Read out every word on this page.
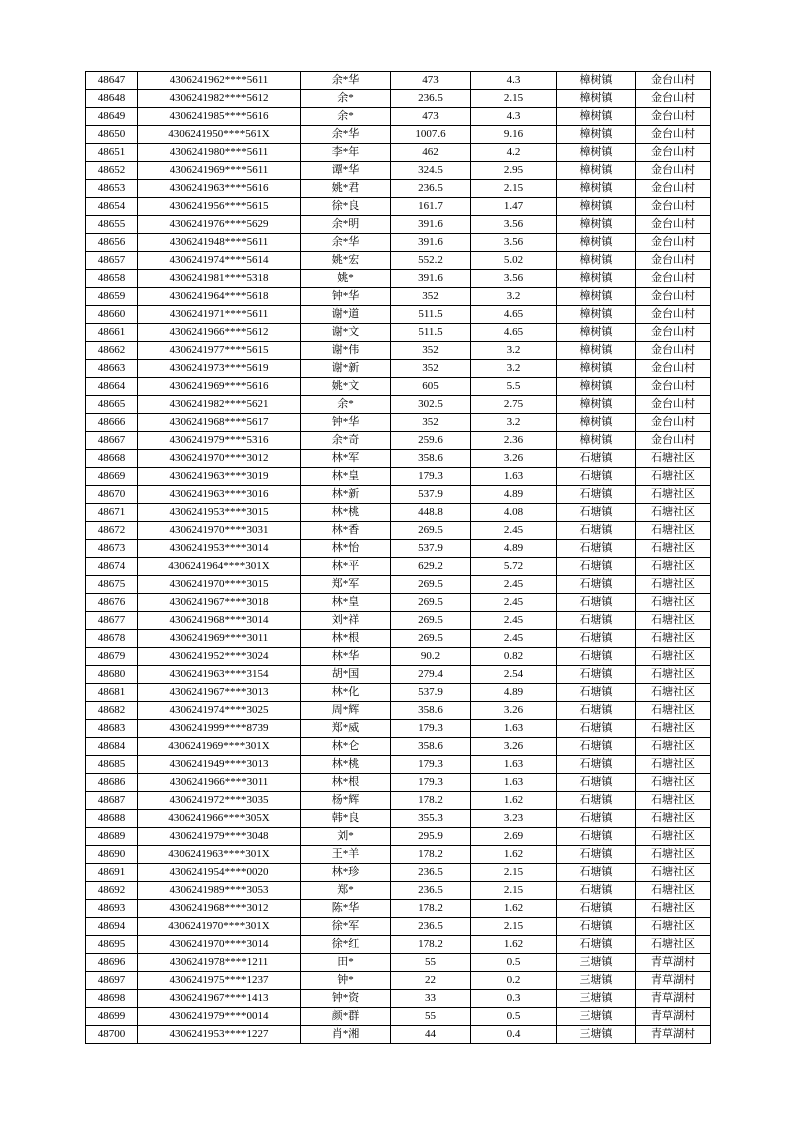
48647	4306241962****5611	余*华	473	4.3	樟树镇	金台山村
48648	4306241982****5612	余*	236.5	2.15	樟树镇	金台山村
48649	4306241985****5616	余*	473	4.3	樟树镇	金台山村
48650	4306241950****561X	余*华	1007.6	9.16	樟树镇	金台山村
48651	4306241980****5611	李*年	462	4.2	樟树镇	金台山村
48652	4306241969****5611	谭*华	324.5	2.95	樟树镇	金台山村
48653	4306241963****5616	姚*君	236.5	2.15	樟树镇	金台山村
48654	4306241956****5615	徐*良	161.7	1.47	樟树镇	金台山村
48655	4306241976****5629	余*明	391.6	3.56	樟树镇	金台山村
48656	4306241948****5611	余*华	391.6	3.56	樟树镇	金台山村
48657	4306241974****5614	姚*宏	552.2	5.02	樟树镇	金台山村
48658	4306241981****5318	姚*	391.6	3.56	樟树镇	金台山村
48659	4306241964****5618	钟*华	352	3.2	樟树镇	金台山村
48660	4306241971****5611	谢*道	511.5	4.65	樟树镇	金台山村
48661	4306241966****5612	谢*文	511.5	4.65	樟树镇	金台山村
48662	4306241977****5615	谢*伟	352	3.2	樟树镇	金台山村
48663	4306241973****5619	谢*新	352	3.2	樟树镇	金台山村
48664	4306241969****5616	姚*文	605	5.5	樟树镇	金台山村
48665	4306241982****5621	余*	302.5	2.75	樟树镇	金台山村
48666	4306241968****5617	钟*华	352	3.2	樟树镇	金台山村
48667	4306241979****5316	余*奇	259.6	2.36	樟树镇	金台山村
48668	4306241970****3012	林*军	358.6	3.26	石塘镇	石塘社区
48669	4306241963****3019	林*皇	179.3	1.63	石塘镇	石塘社区
48670	4306241963****3016	林*新	537.9	4.89	石塘镇	石塘社区
48671	4306241953****3015	林*桃	448.8	4.08	石塘镇	石塘社区
48672	4306241970****3031	林*香	269.5	2.45	石塘镇	石塘社区
48673	4306241953****3014	林*怡	537.9	4.89	石塘镇	石塘社区
48674	4306241964****301X	林*平	629.2	5.72	石塘镇	石塘社区
48675	4306241970****3015	郑*军	269.5	2.45	石塘镇	石塘社区
48676	4306241967****3018	林*皇	269.5	2.45	石塘镇	石塘社区
48677	4306241968****3014	刘*祥	269.5	2.45	石塘镇	石塘社区
48678	4306241969****3011	林*根	269.5	2.45	石塘镇	石塘社区
48679	4306241952****3024	林*华	90.2	0.82	石塘镇	石塘社区
48680	4306241963****3154	胡*国	279.4	2.54	石塘镇	石塘社区
48681	4306241967****3013	林*化	537.9	4.89	石塘镇	石塘社区
48682	4306241974****3025	周*辉	358.6	3.26	石塘镇	石塘社区
48683	4306241999****8739	郑*威	179.3	1.63	石塘镇	石塘社区
48684	4306241969****301X	林*仑	358.6	3.26	石塘镇	石塘社区
48685	4306241949****3013	林*桃	179.3	1.63	石塘镇	石塘社区
48686	4306241966****3011	林*根	179.3	1.63	石塘镇	石塘社区
48687	4306241972****3035	杨*辉	178.2	1.62	石塘镇	石塘社区
48688	4306241966****305X	韩*良	355.3	3.23	石塘镇	石塘社区
48689	4306241979****3048	刘*	295.9	2.69	石塘镇	石塘社区
48690	4306241963****301X	王*羊	178.2	1.62	石塘镇	石塘社区
48691	4306241954****0020	林*珍	236.5	2.15	石塘镇	石塘社区
48692	4306241989****3053	郑*	236.5	2.15	石塘镇	石塘社区
48693	4306241968****3012	陈*华	178.2	1.62	石塘镇	石塘社区
48694	4306241970****301X	徐*军	236.5	2.15	石塘镇	石塘社区
48695	4306241970****3014	徐*红	178.2	1.62	石塘镇	石塘社区
48696	4306241978****1211	田*	55	0.5	三塘镇	青草湖村
48697	4306241975****1237	钟*	22	0.2	三塘镇	青草湖村
48698	4306241967****1413	钟*资	33	0.3	三塘镇	青草湖村
48699	4306241979****0014	颜*群	55	0.5	三塘镇	青草湖村
48700	4306241953****1227	肖*湘	44	0.4	三塘镇	青草湖村
